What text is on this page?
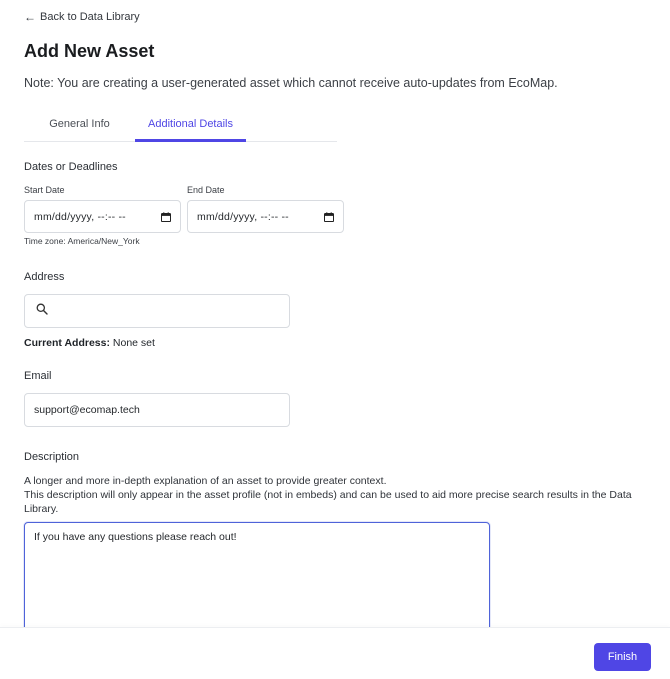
← Back to Data Library
Add New Asset

Note: You are creating a user-generated asset which cannot receive auto-updates from EcoMap.

General Info	Additional Details
Dates or Deadlines
Start Date	End Date
mm/dd/yyyy, --:-- --	mm/dd/yyyy, --:-- --
Time zone: America/New_York
Address
Current Address: None set
Email
support@ecomap.tech
Description
A longer and more in-depth explanation of an asset to provide greater context.
This description will only appear in the asset profile (not in embeds) and can be used to aid more precise search results in the Data Library.
If you have any questions please reach out!
Finish
